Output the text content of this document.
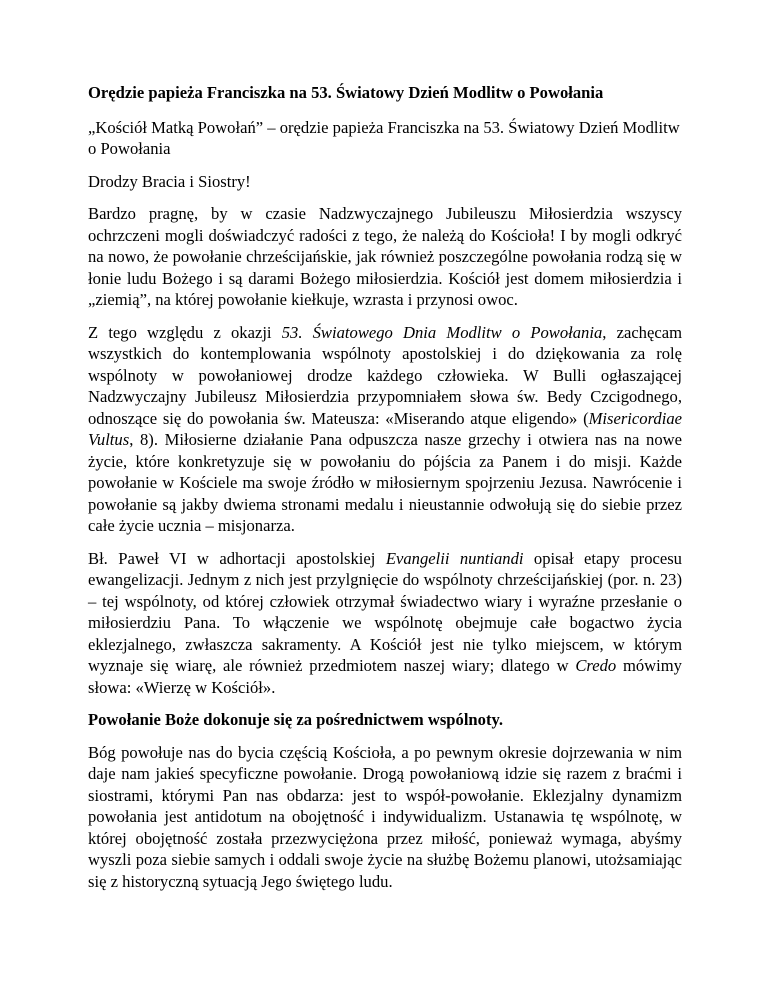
Orędzie papieża Franciszka na 53. Światowy Dzień Modlitw o Powołania

„Kościół Matką Powołań” – orędzie papieża Franciszka na 53. Światowy Dzień Modlitw o Powołania

Drodzy Bracia i Siostry!

Bardzo pragnę, by w czasie Nadzwyczajnego Jubileuszu Miłosierdzia wszyscy ochrzczeni mogli doświadczyć radości z tego, że należą do Kościoła! I by mogli odkryć na nowo, że powołanie chrześcijańskie, jak również poszczególne powołania rodzą się w łonie ludu Bożego i są darami Bożego miłosierdzia. Kościół jest domem miłosierdzia i „ziemią”, na której powołanie kiełkuje, wzrasta i przynosi owoc.

Z tego względu z okazji 53. Światowego Dnia Modlitw o Powołania, zachęcam wszystkich do kontemplowania wspólnoty apostolskiej i do dziękowania za rolę wspólnoty w powołaniowej drodze każdego człowieka. W Bulli ogłaszającej Nadzwyczajny Jubileusz Miłosierdzia przypomniałem słowa św. Bedy Czcigodnego, odnoszące się do powołania św. Mateusza: «Miserando atque eligendo» (Misericordiae Vultus, 8). Miłosierne działanie Pana odpuszcza nasze grzechy i otwiera nas na nowe życie, które konkretyzuje się w powołaniu do pójścia za Panem i do misji. Każde powołanie w Kościele ma swoje źródło w miłosiernym spojrzeniu Jezusa. Nawrócenie i powołanie są jakby dwiema stronami medalu i nieustannie odwołują się do siebie przez całe życie ucznia – misjonarza.

Bł. Paweł VI w adhortacji apostolskiej Evangelii nuntiandi opisał etapy procesu ewangelizacji. Jednym z nich jest przylgnięcie do wspólnoty chrześcijańskiej (por. n. 23) – tej wspólnoty, od której człowiek otrzymał świadectwo wiary i wyraźne przesłanie o miłosierdziu Pana. To włączenie we wspólnotę obejmuje całe bogactwo życia eklezjalnego, zwłaszcza sakramenty. A Kościół jest nie tylko miejscem, w którym wyznaje się wiarę, ale również przedmiotem naszej wiary; dlatego w Credo mówimy słowa: «Wierzę w Kościół».

Powołanie Boże dokonuje się za pośrednictwem wspólnoty.

Bóg powołuje nas do bycia częścią Kościoła, a po pewnym okresie dojrzewania w nim daje nam jakieś specyficzne powołanie. Drogą powołaniową idzie się razem z braćmi i siostrami, którymi Pan nas obdarza: jest to współ-powołanie. Eklezjalny dynamizm powołania jest antidotum na obojętność i indywidualizm. Ustanawia tę wspólnotę, w której obojętność została przezwyciężona przez miłość, ponieważ wymaga, abyśmy wyszli poza siebie samych i oddali swoje życie na służbę Bożemu planowi, utożsamiając się z historyczną sytuacją Jego świętego ludu.
